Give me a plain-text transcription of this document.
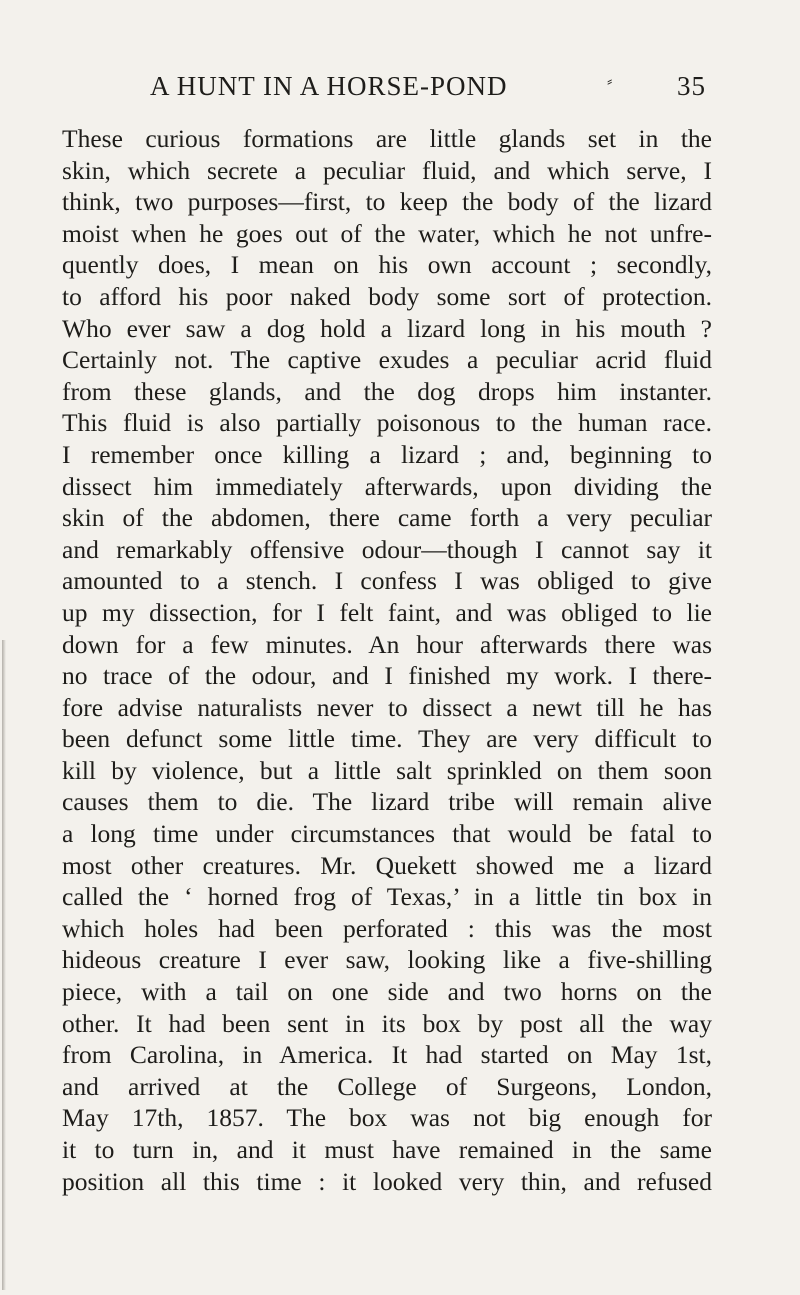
A HUNT IN A HORSE-POND	⸗ 35
These curious formations are little glands set in the
skin, which secrete a peculiar fluid, and which serve, I
think, two purposes—first, to keep the body of the lizard
moist when he goes out of the water, which he not unfre-
quently does, I mean on his own account ; secondly,
to afford his poor naked body some sort of protection.
Who ever saw a dog hold a lizard long in his mouth ?
Certainly not. The captive exudes a peculiar acrid fluid
from these glands, and the dog drops him instanter.
This fluid is also partially poisonous to the human race.
I remember once killing a lizard ; and, beginning to
dissect him immediately afterwards, upon dividing the
skin of the abdomen, there came forth a very peculiar
and remarkably offensive odour—though I cannot say it
amounted to a stench. I confess I was obliged to give
up my dissection, for I felt faint, and was obliged to lie
down for a few minutes. An hour afterwards there was
no trace of the odour, and I finished my work. I there-
fore advise naturalists never to dissect a newt till he has
been defunct some little time. They are very difficult to
kill by violence, but a little salt sprinkled on them soon
causes them to die. The lizard tribe will remain alive
a long time under circumstances that would be fatal to
most other creatures. Mr. Quekett showed me a lizard
called the ‘ horned frog of Texas,’ in a little tin box in
which holes had been perforated : this was the most
hideous creature I ever saw, looking like a five-shilling
piece, with a tail on one side and two horns on the
other. It had been sent in its box by post all the way
from Carolina, in America. It had started on May 1st,
and arrived at the College of Surgeons, London,
May 17th, 1857. The box was not big enough for
it to turn in, and it must have remained in the same
position all this time : it looked very thin, and refused
